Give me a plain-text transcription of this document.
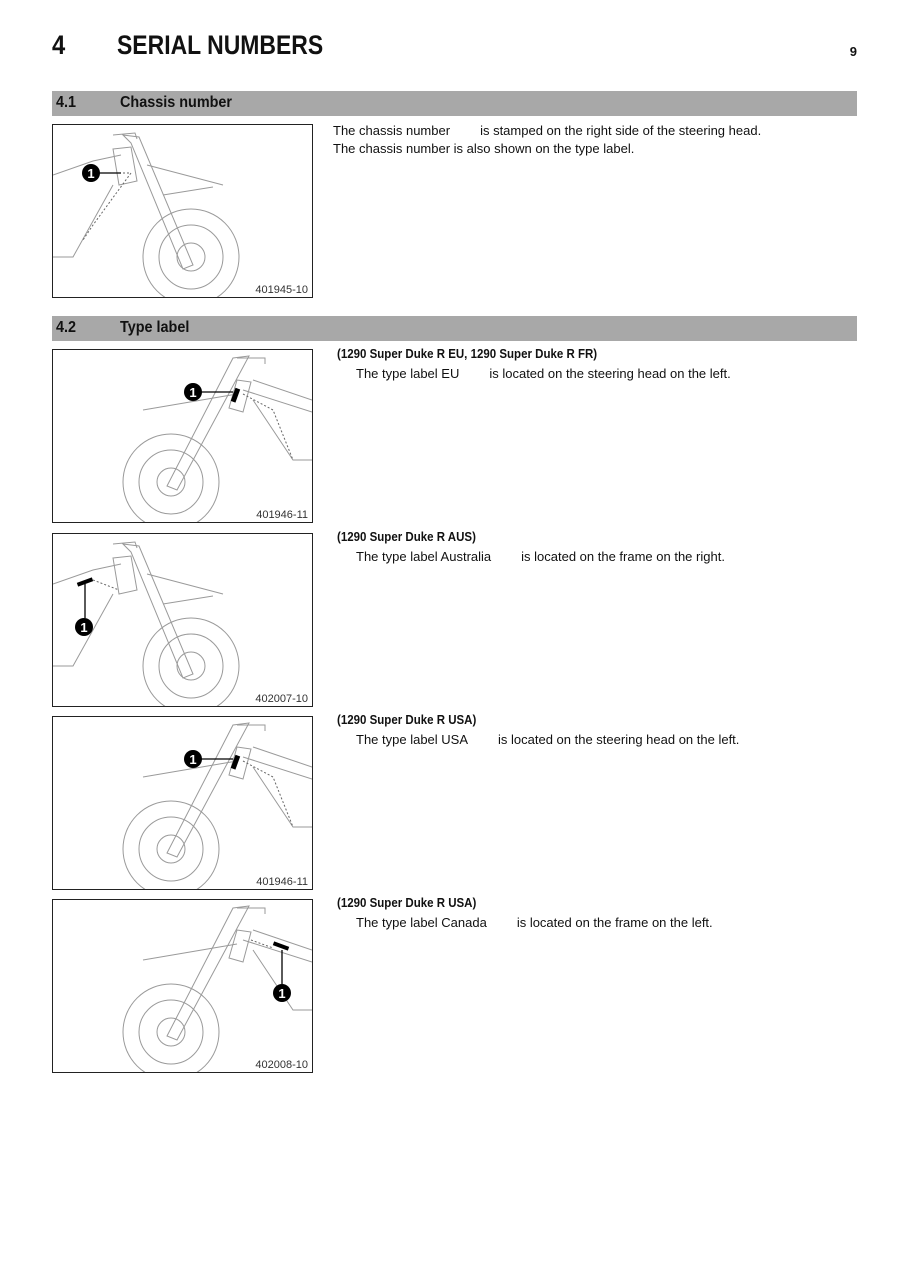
4 SERIAL NUMBERS	9
4.1	Chassis number
1
401945-10
The chassis number is stamped on the right side of the steering head.
The chassis number is also shown on the type label.
4.2	Type label
1
401946-11
(1290 Super Duke R EU, 1290 Super Duke R FR)
The type label EU is located on the steering head on the left.
1
402007-10
(1290 Super Duke R AUS)
The type label Australia is located on the frame on the right.
1
401946-11
(1290 Super Duke R USA)
The type label USA is located on the steering head on the left.
1
402008-10
(1290 Super Duke R USA)
The type label Canada is located on the frame on the left.
